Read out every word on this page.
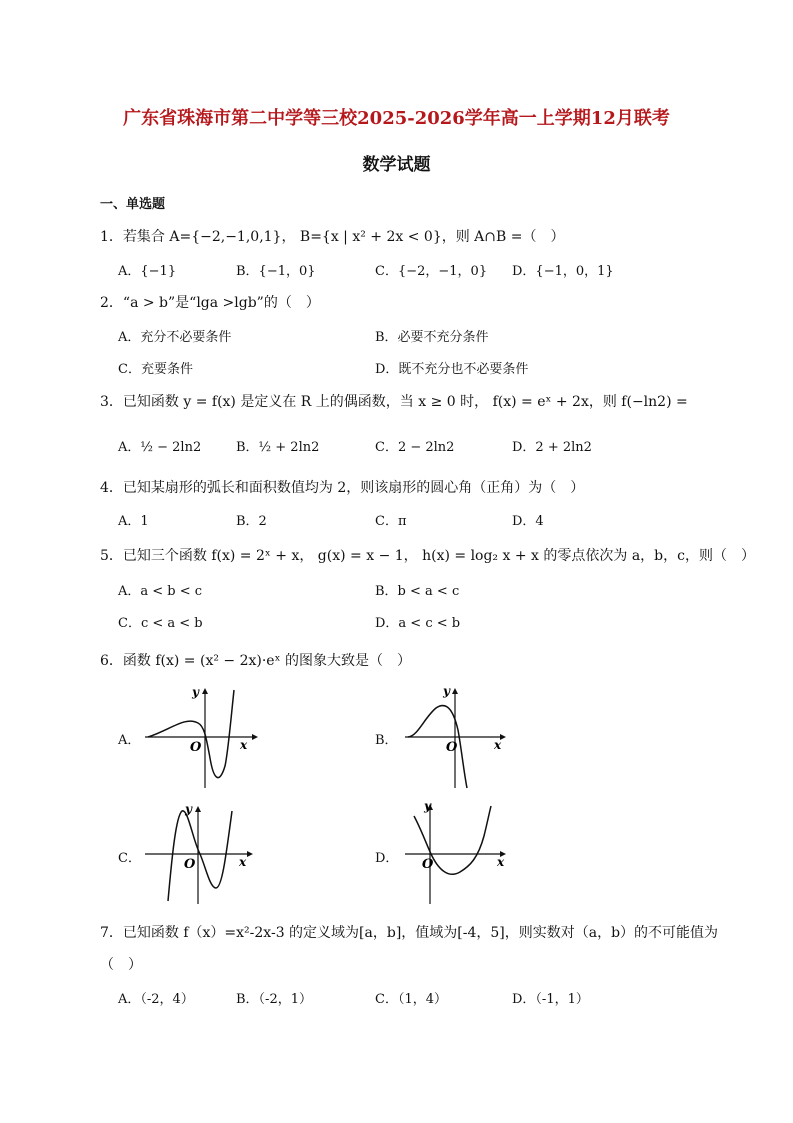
广东省珠海市第二中学等三校2025-2026学年高一上学期12月联考
数学试题
一、单选题
1．若集合 A={−2,−1,0,1}， B={x | x² + 2x < 0}，则 A∩B =（　）
A．{−1}	B．{−1，0}	C．{−2，−1，0} D．{−1，0，1}
2．“a > b”是“lga >lgb”的（　）
A．充分不必要条件	B．必要不充分条件
C．充要条件	D．既不充分也不必要条件
3．已知函数 y = f(x) 是定义在 R 上的偶函数，当 x ≥ 0 时， f(x) = eˣ + 2x，则 f(−ln2) =
A．½ − 2ln2	B．½ + 2ln2	C．2 − 2ln2	D．2 + 2ln2
4．已知某扇形的弧长和面积数值均为 2，则该扇形的圆心角（正角）为（　）
A．1	B．2	C．π	D．4
5．已知三个函数 f(x) = 2ˣ + x， g(x) = x − 1， h(x) = log₂ x + x 的零点依次为 a，b，c，则（　）
A．a < b < c	B．b < a < c
C．c < a < b	D．a < c < b
6．函数 f(x) = (x² − 2x)·eˣ 的图象大致是（　）
A．	B．
C．	D．
y
O	x
y
O	x
y
O	x
y
O	x
7．已知函数 f（x）=x²-2x-3 的定义域为[a，b]，值域为[-4，5]，则实数对（a，b）的不可能值为
（　）
A．（-2，4）	B．（-2，1）	C．（1，4）	D．（-1，1）
